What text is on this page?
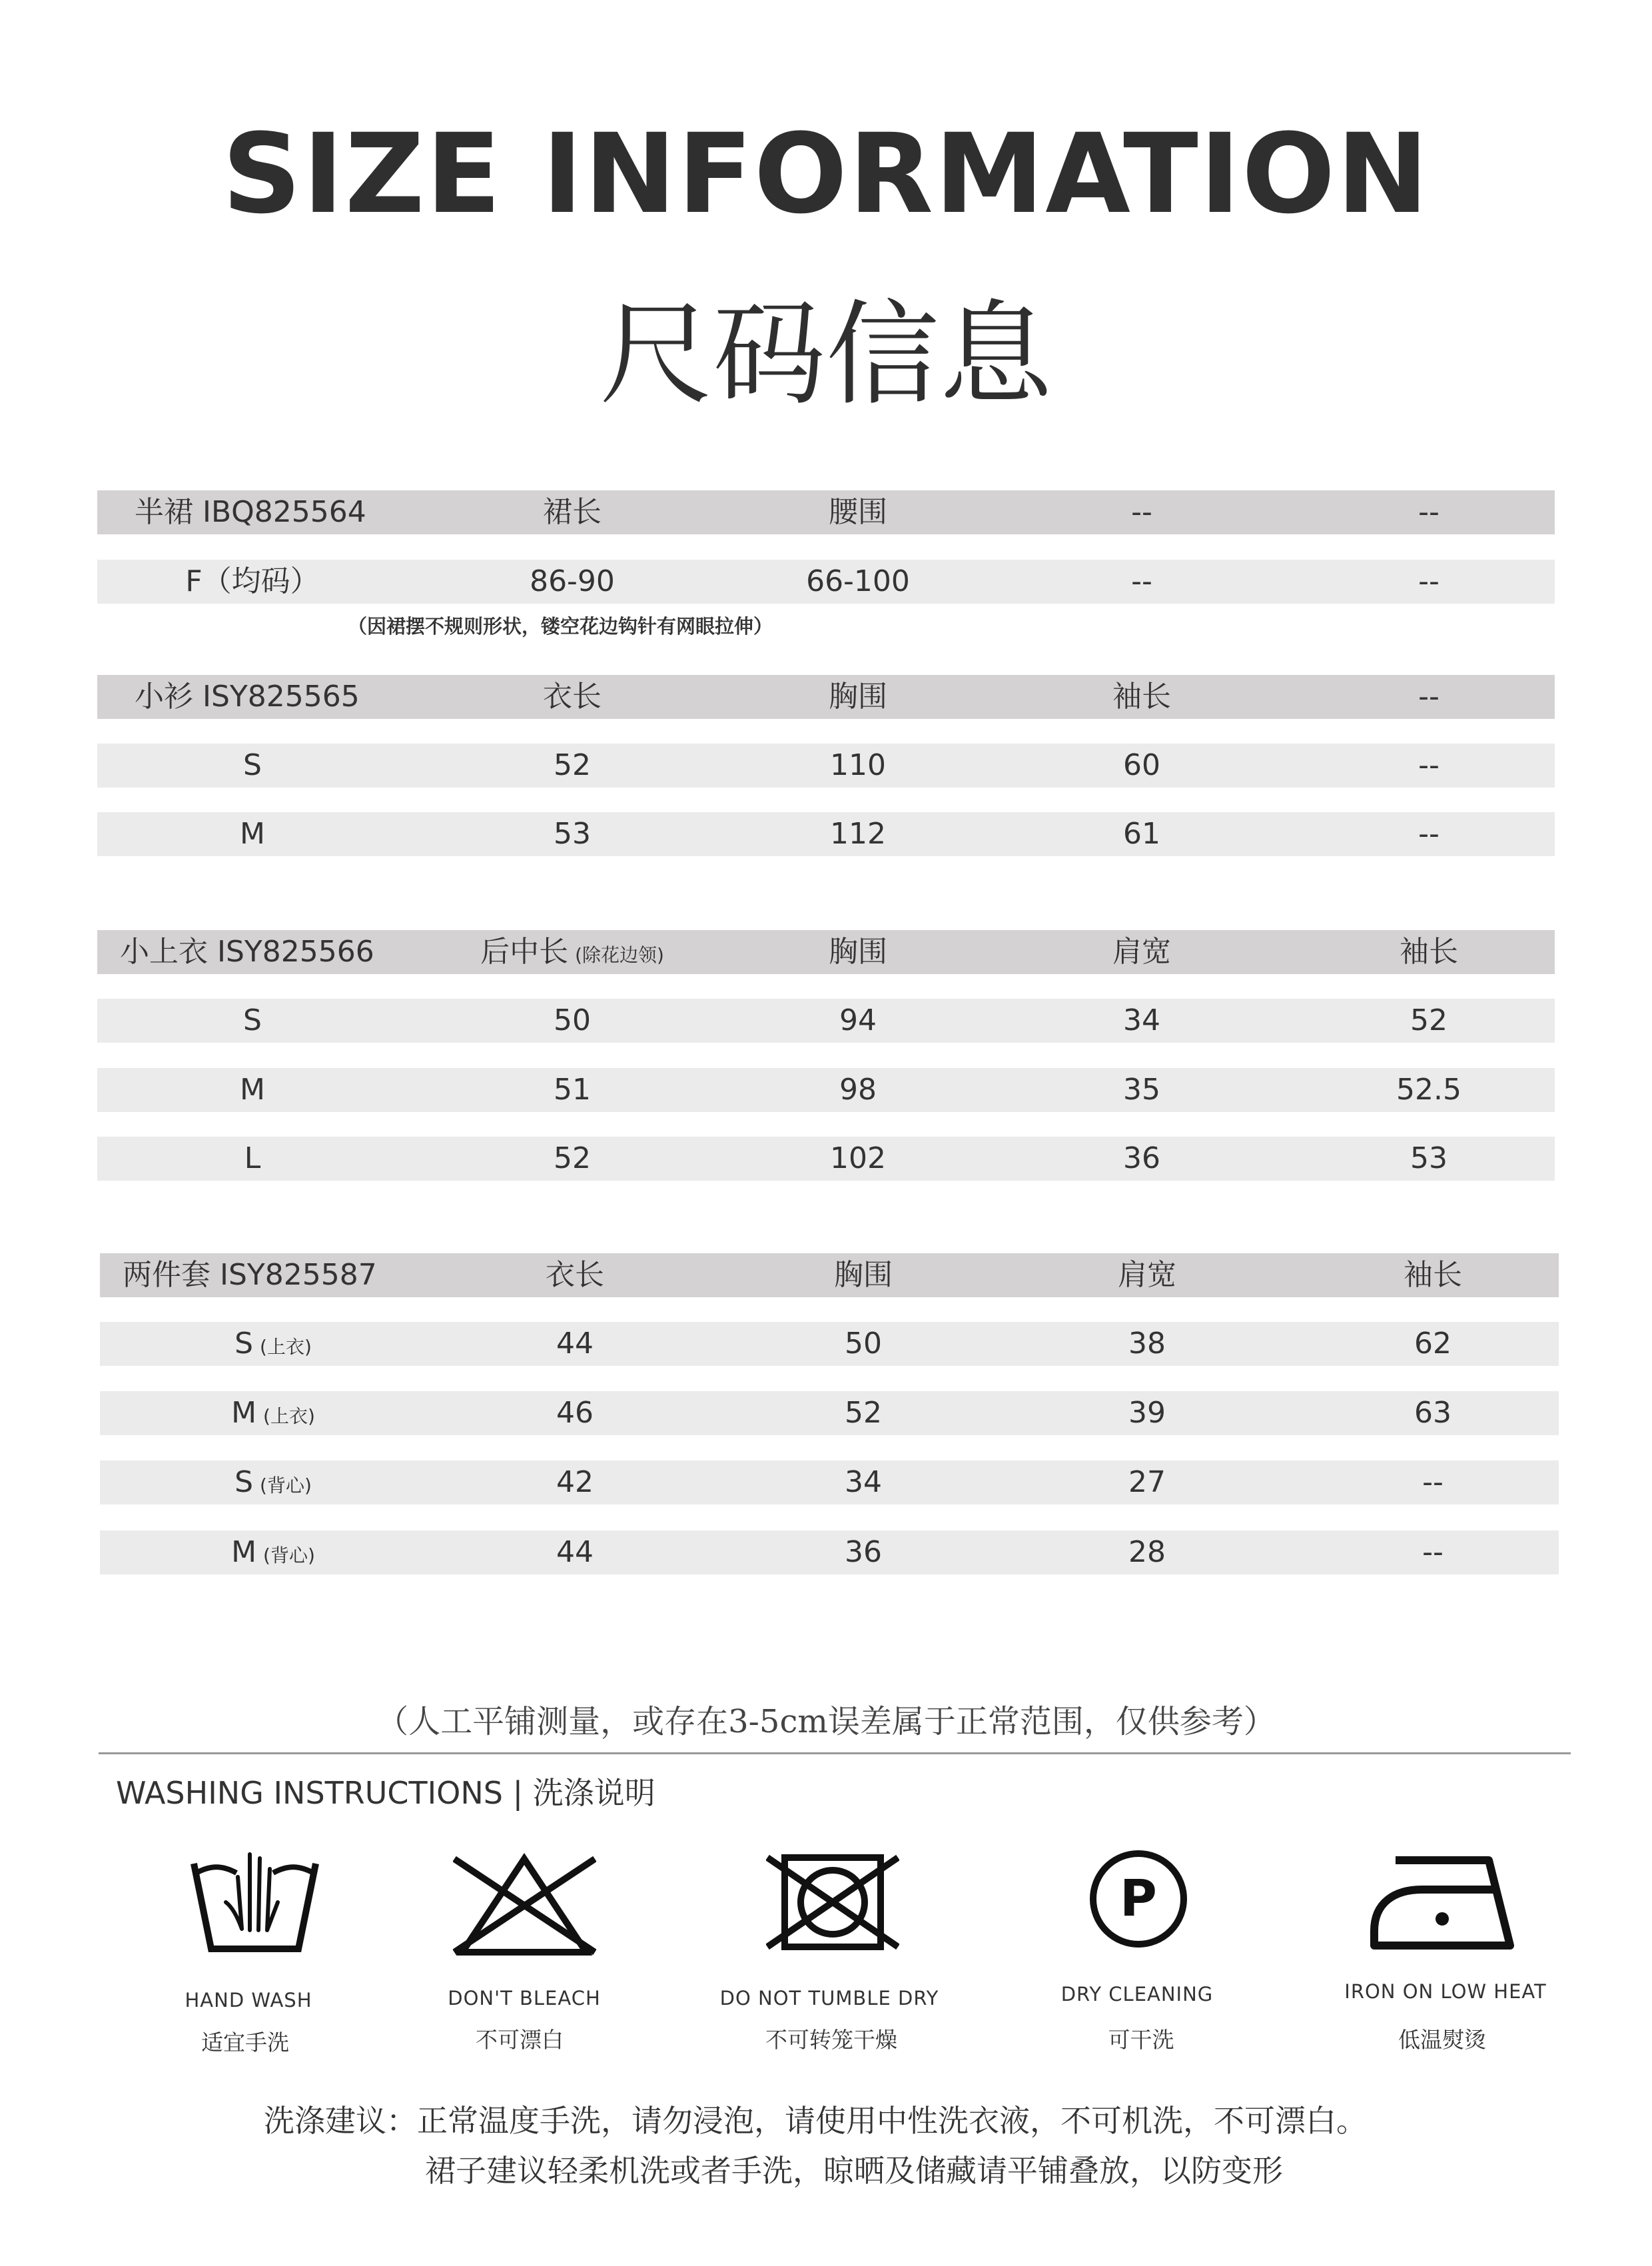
SIZE INFORMATION
尺码信息
半裙 IBQ825564	裙长	腰围	--	--
F（均码）	86-90	66-100	--	--
（因裙摆不规则形状，镂空花边钩针有网眼拉伸）
小衫 ISY825565	衣长	胸围	袖长	--
S	52	110	60	--
M	53	112	61	--
小上衣 ISY825566	后中长 (除花边领)	胸围	肩宽	袖长
S	50	94	34	52
M	51	98	35	52.5
L	52	102	36	53
两件套 ISY825587	衣长	胸围	肩宽	袖长
S (上衣)	44	50	38	62
M (上衣)	46	52	39	63
S (背心)	42	34	27	--
M (背心)	44	36	28	--
（人工平铺测量，或存在3-5cm误差属于正常范围，仅供参考）
WASHING INSTRUCTIONS | 洗涤说明
HAND WASH
适宜手洗
DON'T BLEACH
不可漂白
DO NOT TUMBLE DRY
不可转笼干燥
P
DRY CLEANING
可干洗
IRON ON LOW HEAT
低温熨烫
洗涤建议：正常温度手洗，请勿浸泡，请使用中性洗衣液，不可机洗，不可漂白。
裙子建议轻柔机洗或者手洗，晾晒及储藏请平铺叠放，以防变形
